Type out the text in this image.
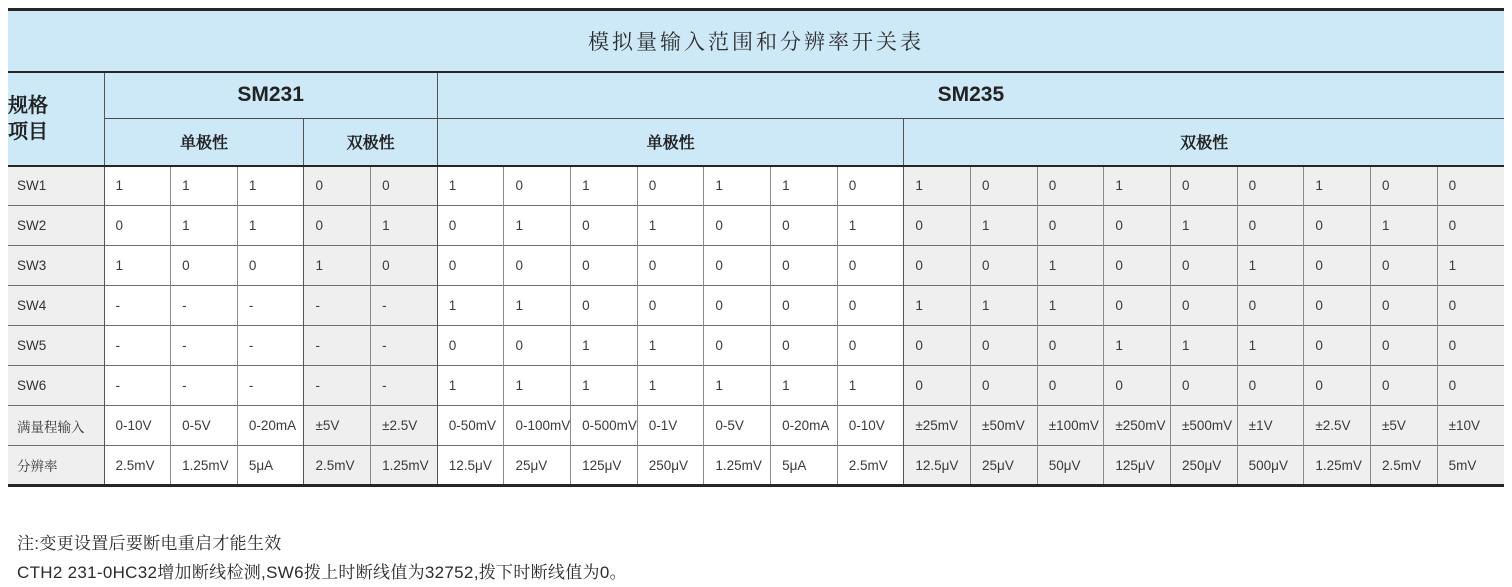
模拟量输入范围和分辨率开关表																					

规格
项目	SM231					SM235															
	单极性			双极性		单极性							双极性								
SW1	1	1	1	0	0	1	0	1	0	1	1	0	1	0	0	1	0	0	1	0	0
SW2	0	1	1	0	1	0	1	0	1	0	0	1	0	1	0	0	1	0	0	1	0
SW3	1	0	0	1	0	0	0	0	0	0	0	0	0	0	1	0	0	1	0	0	1
SW4	-	-	-	-	-	1	1	0	0	0	0	0	1	1	1	0	0	0	0	0	0
SW5	-	-	-	-	-	0	0	1	1	0	0	0	0	0	0	1	1	1	0	0	0
SW6	-	-	-	-	-	1	1	1	1	1	1	1	0	0	0	0	0	0	0	0	0
满量程输入	0-10V	0-5V	0-20mA	±5V	±2.5V	0-50mV	0-100mV	0-500mV	0-1V	0-5V	0-20mA	0-10V	±25mV	±50mV	±100mV	±250mV	±500mV	±1V	±2.5V	±5V	±10V
分辨率	2.5mV	1.25mV	5μA	2.5mV	1.25mV	12.5μV	25μV	125μV	250μV	1.25mV	5μA	2.5mV	12.5μV	25μV	50μV	125μV	250μV	500μV	1.25mV	2.5mV	5mV
注:变更设置后要断电重启才能生效
CTH2 231-0HC32增加断线检测,SW6拨上时断线值为32752,拨下时断线值为0。
